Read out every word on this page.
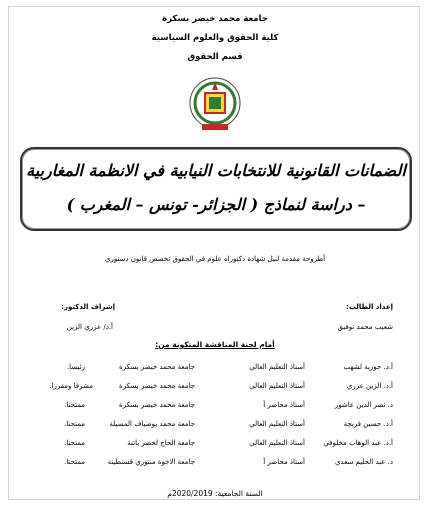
جامعة محمد خيضر بسكرة
كلية الحقوق والعلوم السياسية
قسم الحقوق
الضمانات القانونية للانتخابات النيابية في الانظمة المغاربية
– دراسة لنماذج ( الجزائر- تونس – المغرب )
أطروحة مقدمة لنيل شهادة دكتوراه علوم في الحقوق تخصص قانون دستوري
إعداد الطالب:
إشراف الدكتور:
شعيب محمد توفيق
أ.د/ عزري الزين
أمام لجنة المناقشة المتكونة من:
أ.د. حورية لشهب
أستاذ التعليم العالي
جامعة محمد خيضر بسكرة
رئيسا.
أ.د. الزين عزري
أستاذ التعليم العالي
جامعة محمد خيضر بسكرة
مشرفا ومقررا.
د. نصر الدين عاشور
أستاذ محاضر أ
جامعة محمد خيضر بسكرة
ممتحنا.
أ.د. حسين فريجة
أستاذ التعليم العالي
جامعة محمد بوضياف المسيلة
ممتحنا.
أ.د. عبد الوهاب مخلوفي
أستاذ التعليم العالي
جامعة الحاج لخضر باتنة
ممتحنا.
د. عبد الحليم سعدي
أستاذ محاضر أ
جامعة الاخوة منتوري قسنطينة
ممتحنا.
السنة الجامعية: 2020/2019م
